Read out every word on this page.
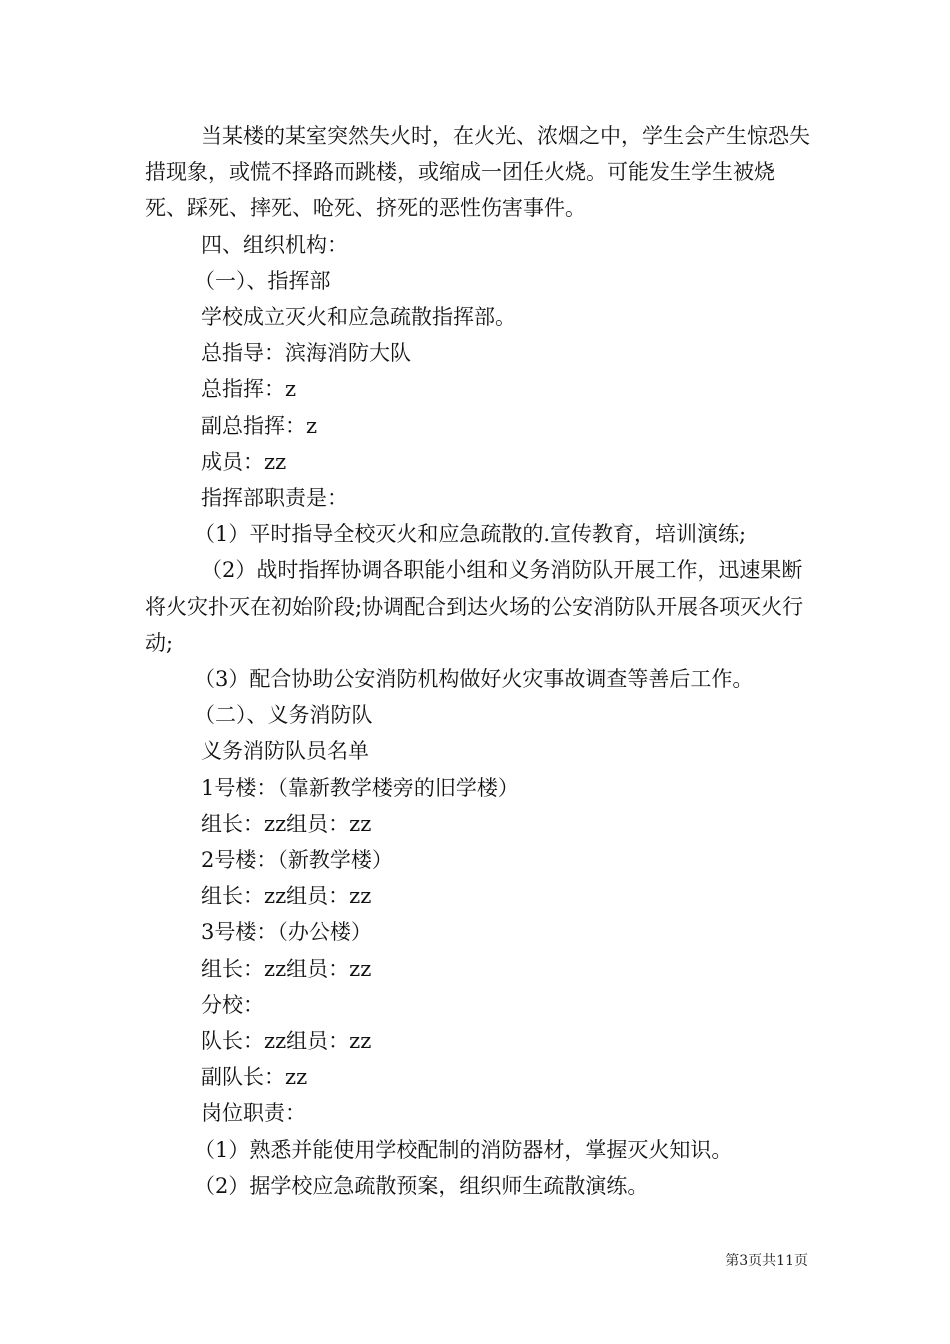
当某楼的某室突然失火时，在火光、浓烟之中，学生会产生惊恐失措现象，或慌不择路而跳楼，或缩成一团任火烧。可能发生学生被烧死、踩死、摔死、呛死、挤死的恶性伤害事件。

四、组织机构：

（一）、指挥部

学校成立灭火和应急疏散指挥部。

总指导：滨海消防大队

总指挥：z

副总指挥：z

成员：zz

指挥部职责是：

（1）平时指导全校灭火和应急疏散的.宣传教育，培训演练;

（2）战时指挥协调各职能小组和义务消防队开展工作，迅速果断将火灾扑灭在初始阶段;协调配合到达火场的公安消防队开展各项灭火行动;

（3）配合协助公安消防机构做好火灾事故调查等善后工作。

（二）、义务消防队

义务消防队员名单

1号楼：（靠新教学楼旁的旧学楼）

组长：zz组员：zz

2号楼：（新教学楼）

组长：zz组员：zz

3号楼：（办公楼）

组长：zz组员：zz

分校：

队长：zz组员：zz

副队长：zz

岗位职责：

（1）熟悉并能使用学校配制的消防器材，掌握灭火知识。

（2）据学校应急疏散预案，组织师生疏散演练。

第3页共11页
